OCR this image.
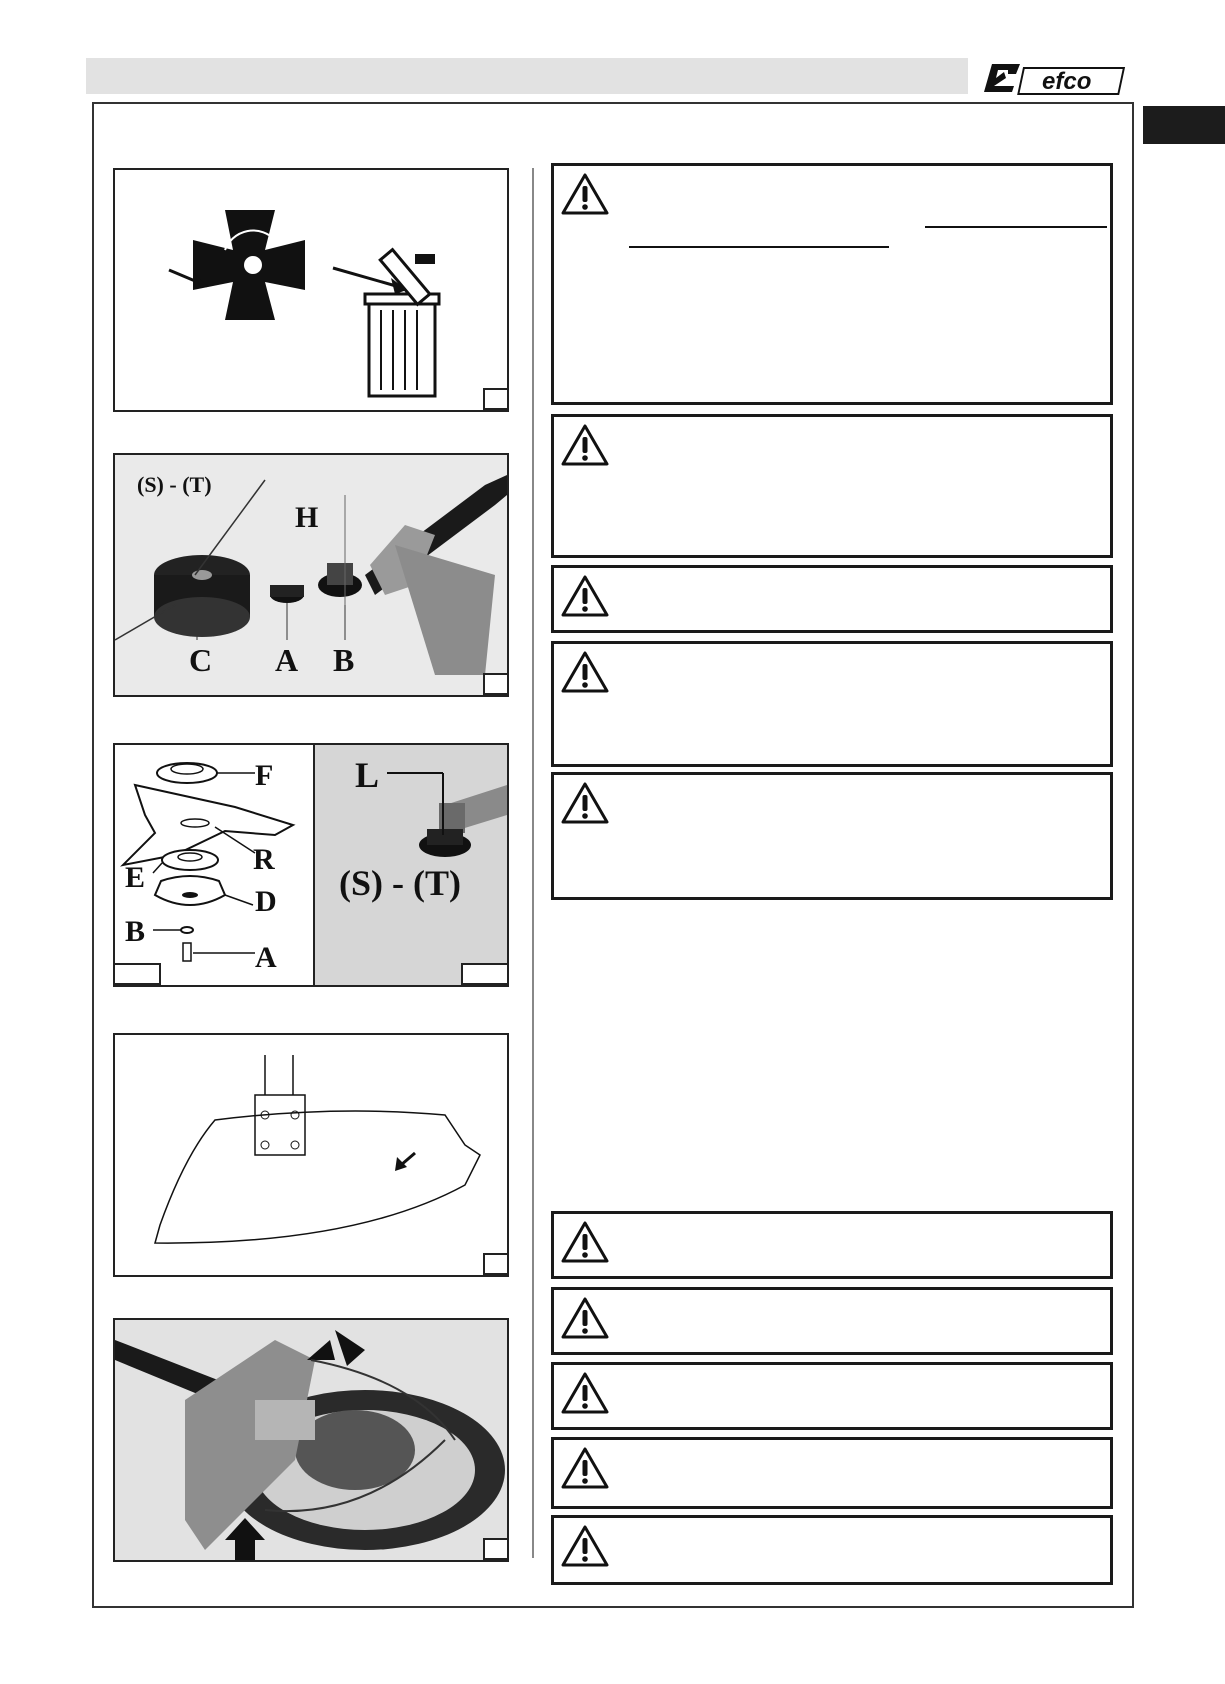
efco
(S) - (T)
H
C A B
F
R
E
D
B
A
L
(S) - (T)
